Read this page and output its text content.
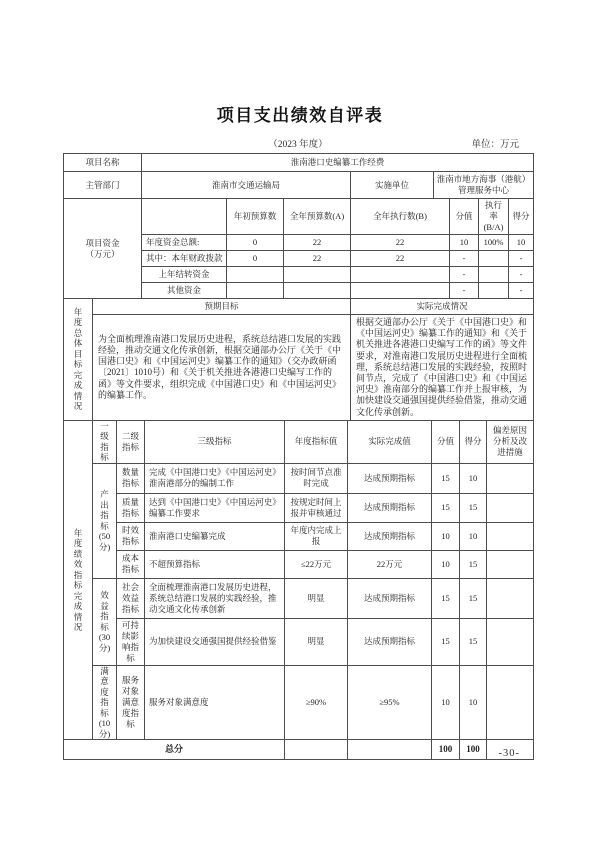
项目支出绩效自评表
（2023 年度）	单位：万元
项目名称	淮南港口史编纂工作经费		
主管部门	淮南市交通运输局	实施单位	淮南市地方海事（港航）管理服务中心
项目资金（万元）		年初预算数	全年预算数(A)	全年执行数(B)	分值	执行率(B/A)	得分
	年度资金总额:	0	22	22	10	100%	10
	其中：本年财政拨款	0	22	22	-		-
	上年结转资金				-		-
	其他资金				-		-
年度总体目标完成情况	预期目标	实际完成情况
	为全面梳理淮南港口发展历史进程，系统总结港口发展的实践经验，推动交通文化传承创新，根据交通部办公厅《关于《中国港口史》和《中国运河史》编纂工作的通知》（交办政研函〔2021〕1010号）和《关于机关推进各港港口史编写工作的函》等文件要求，组织完成《中国港口史》和《中国运河史》的编纂工作。	根据交通部办公厅《关于《中国港口史》和《中国运河史》编纂工作的通知》和《关于机关推进各港港口史编写工作的函》等文件要求，对淮南港口发展历史进程进行全面梳理，系统总结港口发展的实践经验，按照时间节点，完成了《中国港口史》和《中国运河史》淮南部分的编纂工作并上报审核，为加快建设交通强国提供经验借鉴，推动交通文化传承创新。
年度绩效指标完成情况	一级指标	二级指标	三级指标	年度指标值	实际完成值	分值	得分	偏差原因分析及改进措施
	产出指标(50分)	数量指标	完成《中国港口史》《中国运河史》淮南港部分的编制工作	按时间节点准时完成	达成预期指标	15	10	
		质量指标	达到《中国港口史》《中国运河史》编纂工作要求	按规定时间上报并审核通过	达成预期指标	15	15	
		时效指标	淮南港口史编纂完成	年度内完成上报	达成预期指标	10	10	
		成本指标	不超预算指标	≤22万元	22万元	10	15	
	效益指标(30分)	社会效益指标	全面梳理淮南港口发展历史进程，系统总结港口发展的实践经验，推动交通文化传承创新	明显	达成预期指标	15	15	
		可持续影响指标	为加快建设交通强国提供经验借鉴	明显	达成预期指标	15	15	
	满意度指标(10分)	服务对象满意度指标	服务对象满意度	≥90%	≥95%	10	10	
总分						100	100	-30-
